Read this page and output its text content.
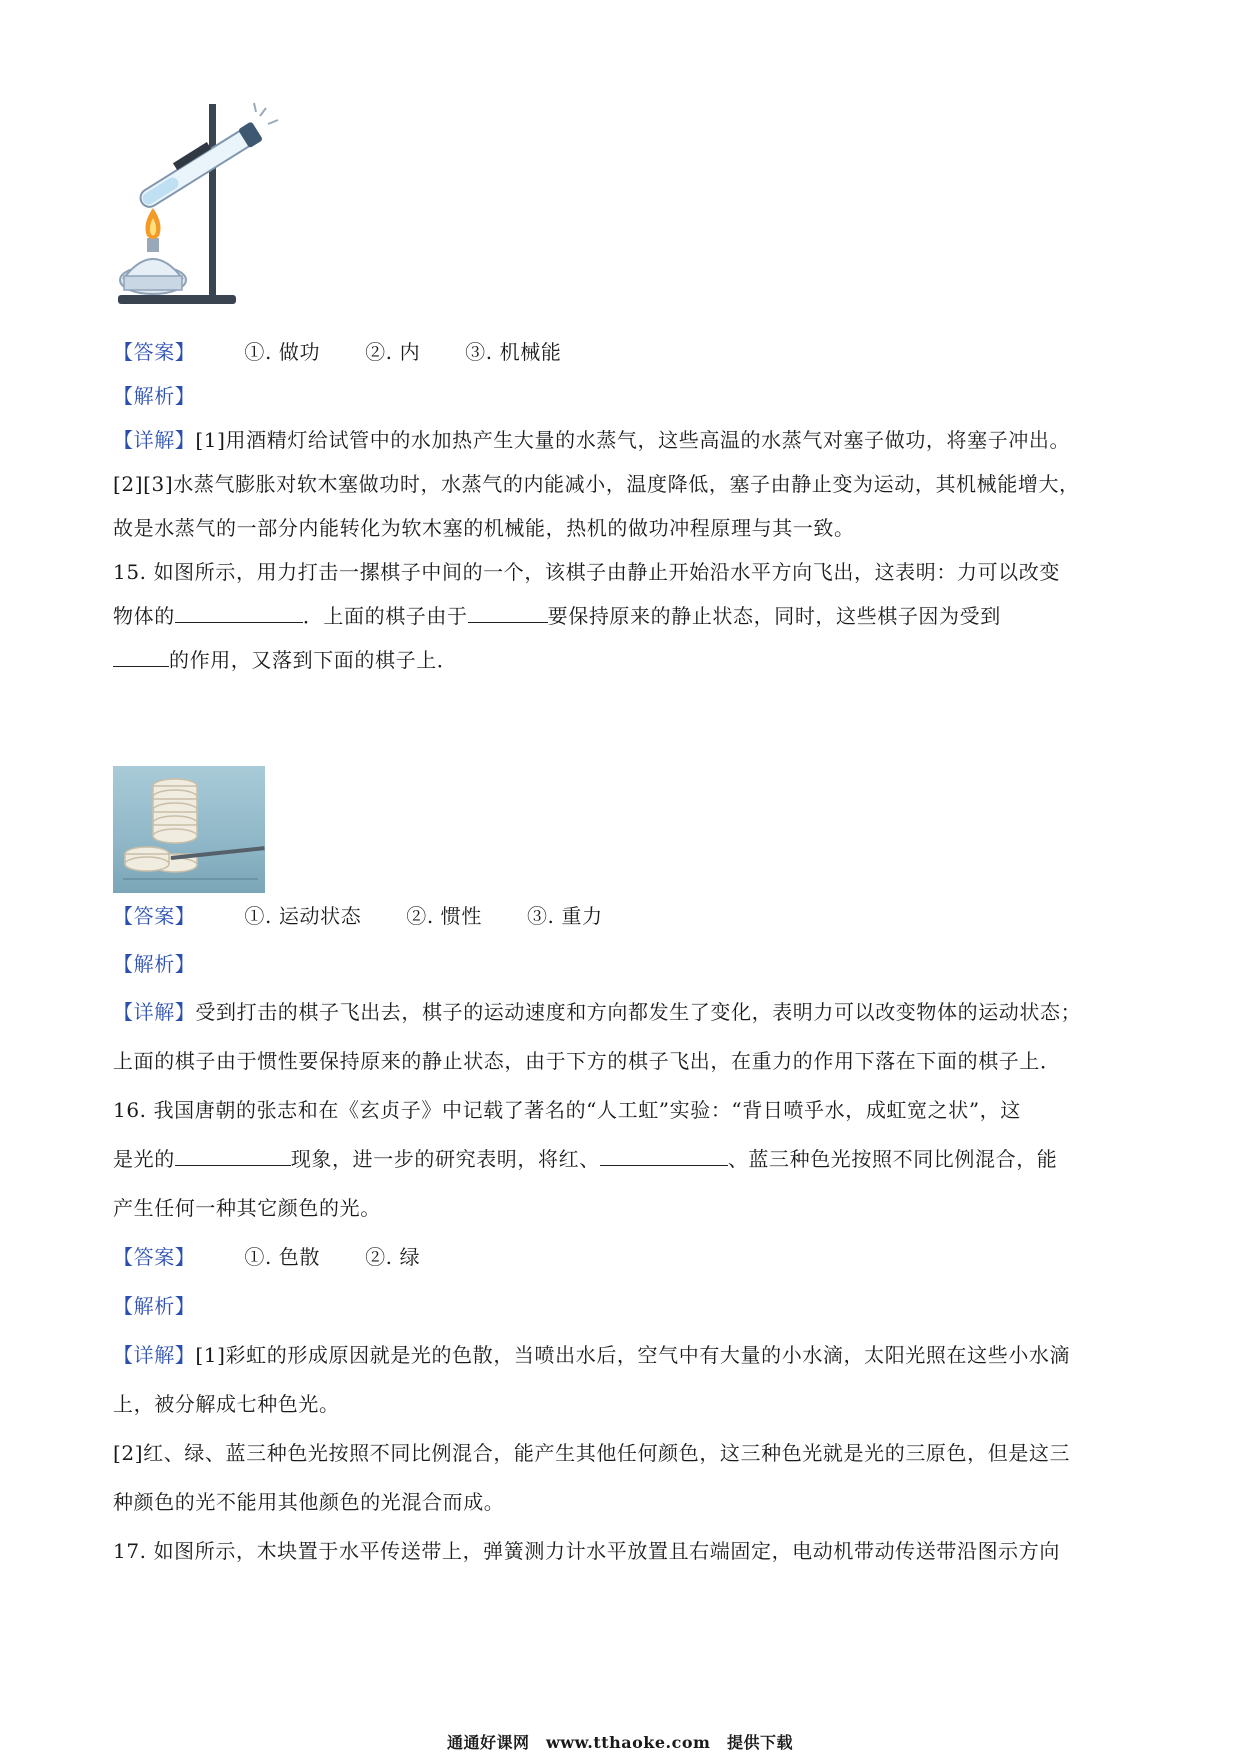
【答案】 ①. 做功 ②. 内 ③. 机械能
【解析】
【详解】[1]用酒精灯给试管中的水加热产生大量的水蒸气，这些高温的水蒸气对塞子做功，将塞子冲出。
[2][3]水蒸气膨胀对软木塞做功时，水蒸气的内能减小，温度降低，塞子由静止变为运动，其机械能增大，
故是水蒸气的一部分内能转化为软木塞的机械能，热机的做功冲程原理与其一致。
15. 如图所示，用力打击一摞棋子中间的一个，该棋子由静止开始沿水平方向飞出，这表明：力可以改变
物体的	．上面的棋子由于	要保持原来的静止状态，同时，这些棋子因为受到
的作用，又落到下面的棋子上．
【答案】 ①. 运动状态 ②. 惯性 ③. 重力
【解析】
【详解】受到打击的棋子飞出去，棋子的运动速度和方向都发生了变化，表明力可以改变物体的运动状态；
上面的棋子由于惯性要保持原来的静止状态，由于下方的棋子飞出，在重力的作用下落在下面的棋子上．
16. 我国唐朝的张志和在《玄贞子》中记载了著名的“人工虹”实验：“背日喷乎水，成虹宽之状”，这
是光的	现象，进一步的研究表明，将红、	、蓝三种色光按照不同比例混合，能
产生任何一种其它颜色的光。
【答案】 ①. 色散 ②. 绿
【解析】
【详解】[1]彩虹的形成原因就是光的色散，当喷出水后，空气中有大量的小水滴，太阳光照在这些小水滴
上，被分解成七种色光。
[2]红、绿、蓝三种色光按照不同比例混合，能产生其他任何颜色，这三种色光就是光的三原色，但是这三
种颜色的光不能用其他颜色的光混合而成。
17. 如图所示，木块置于水平传送带上，弹簧测力计水平放置且右端固定，电动机带动传送带沿图示方向
通通好课网　www.tthaoke.com　提供下载
